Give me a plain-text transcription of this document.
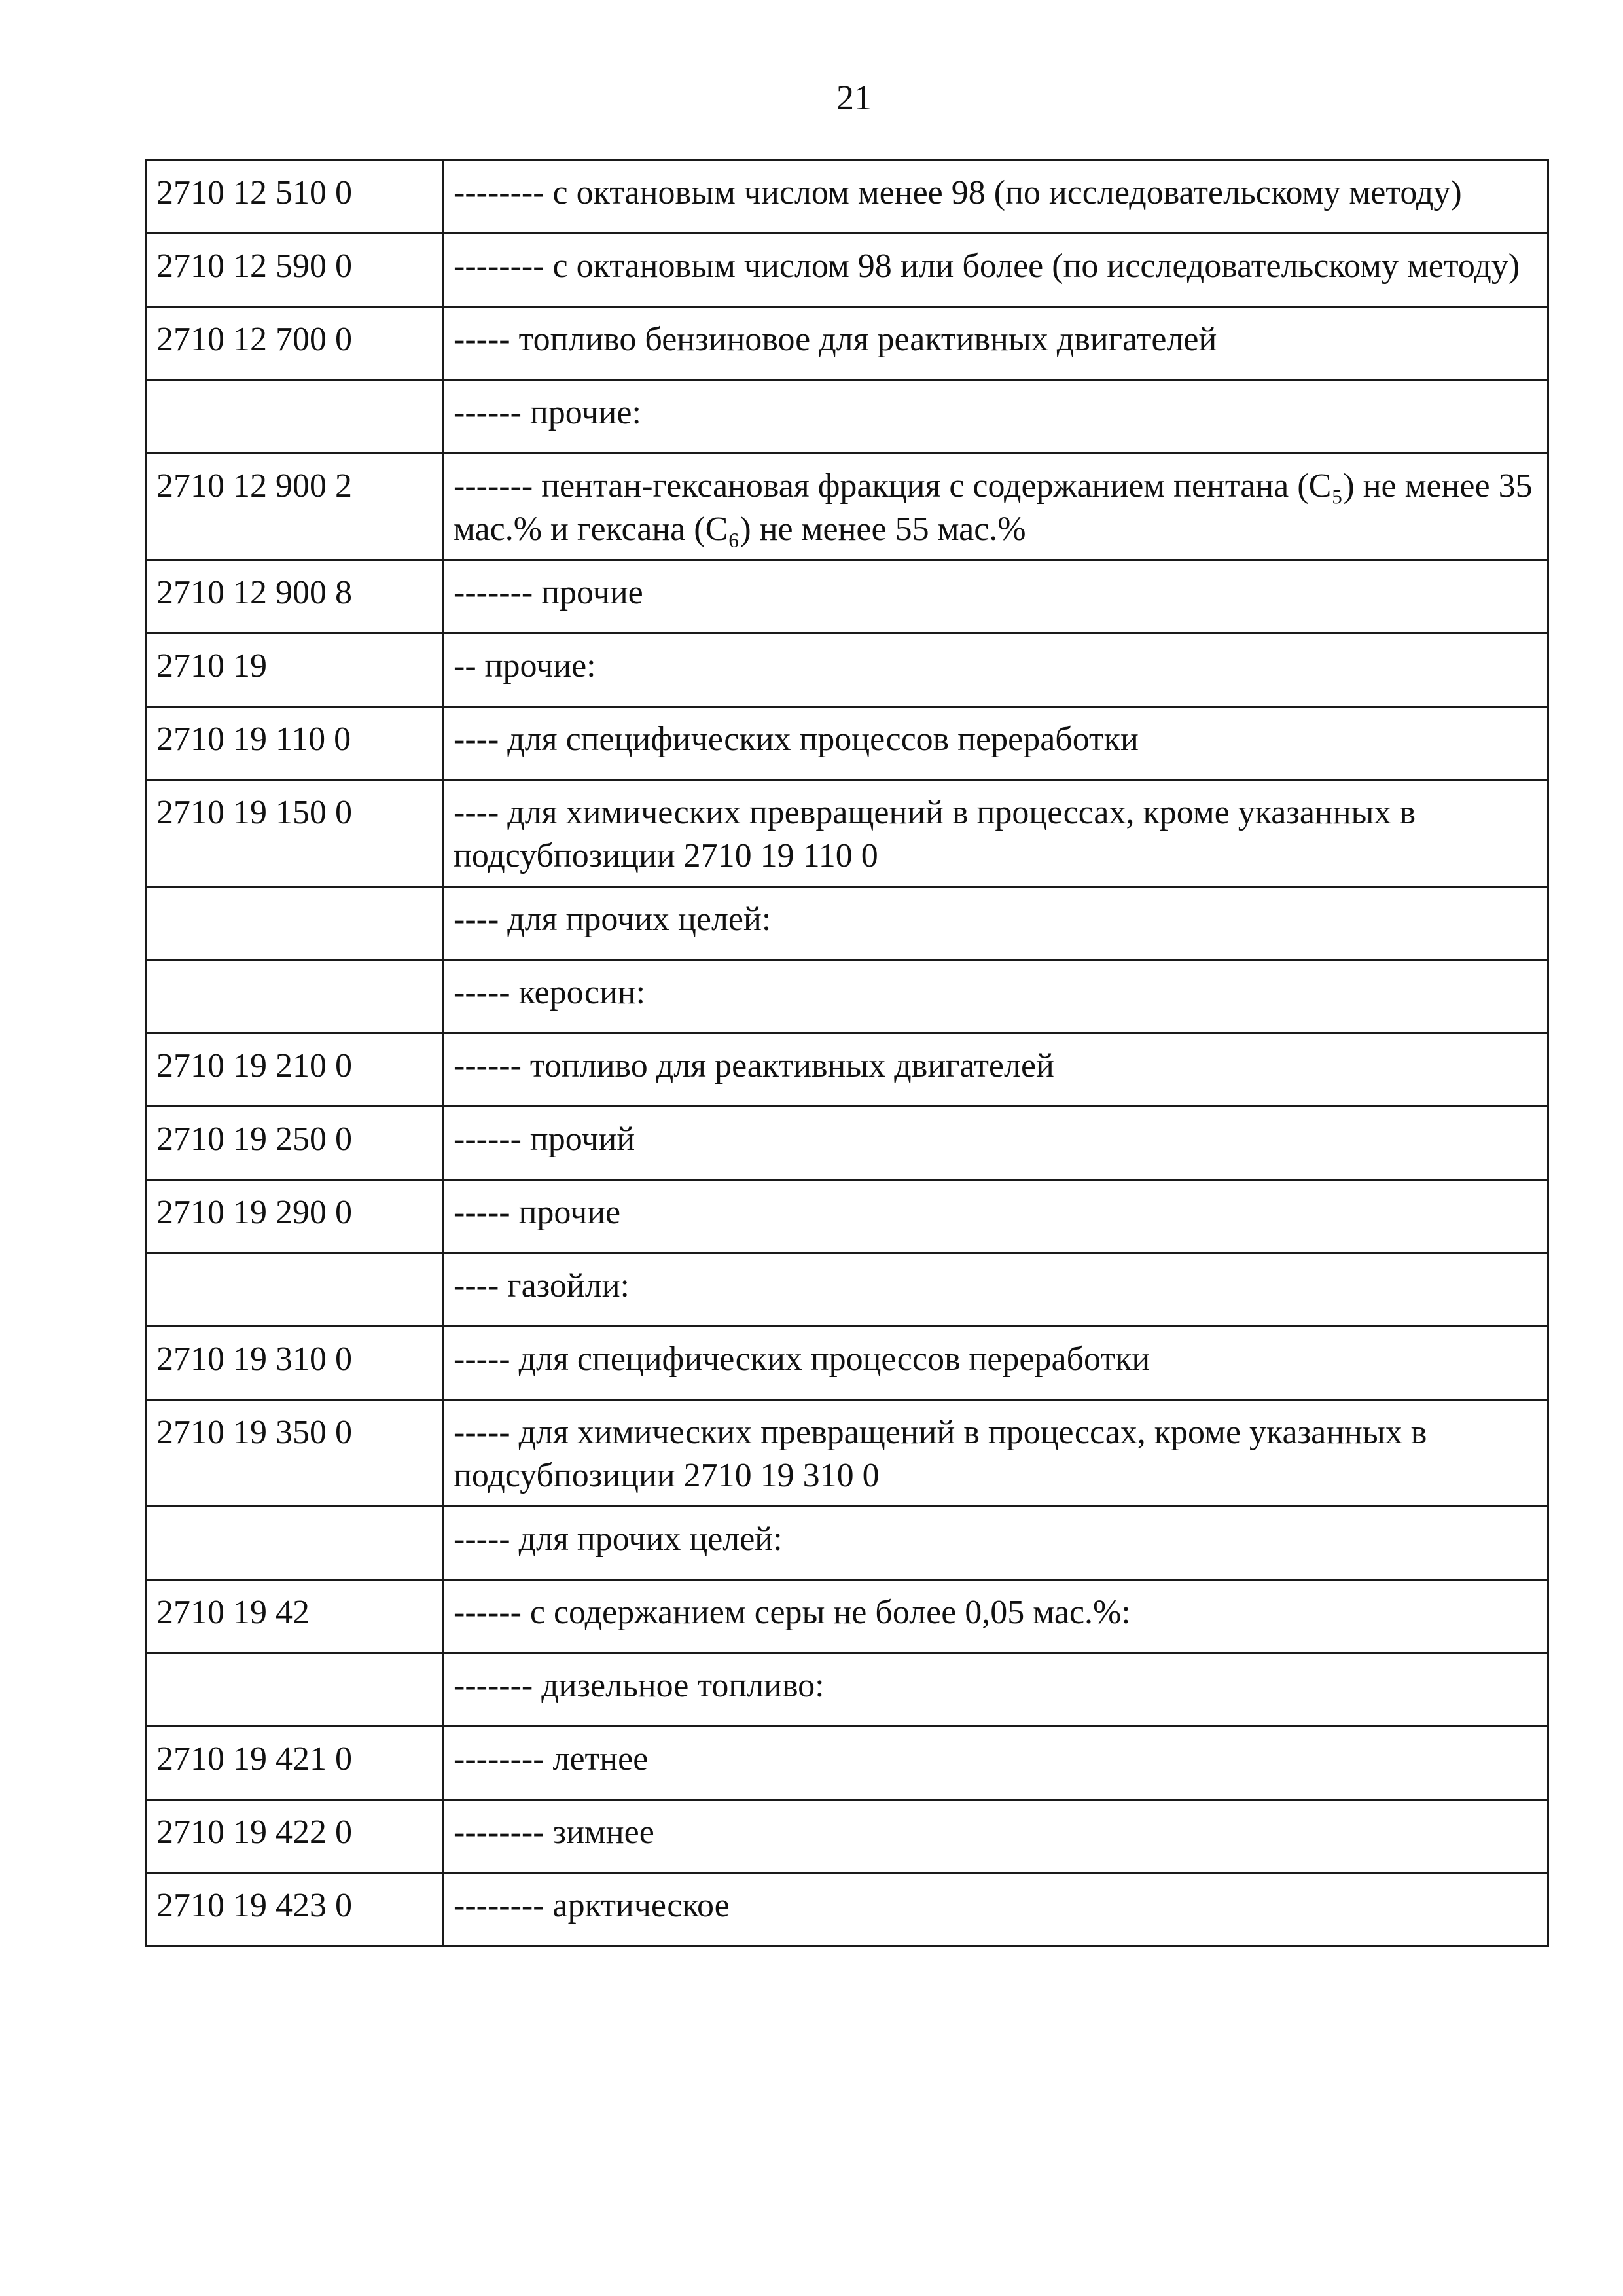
21
2710 12 510 0	-------- с октановым числом менее 98 (по исследовательскому методу)
2710 12 590 0	-------- с октановым числом 98 или более (по исследовательскому методу)
2710 12 700 0	----- топливо бензиновое для реактивных двигателей
	------ прочие:
2710 12 900 2	------- пентан-гексановая фракция с содержанием пентана (C₅) не менее 35 мас.% и гексана (C₆) не менее 55 мас.%
2710 12 900 8	------- прочие
2710 19	-- прочие:
2710 19 110 0	---- для специфических процессов переработки
2710 19 150 0	---- для химических превращений в процессах, кроме указанных в подсубпозиции 2710 19 110 0
	---- для прочих целей:
	----- керосин:
2710 19 210 0	------ топливо для реактивных двигателей
2710 19 250 0	------ прочий
2710 19 290 0	----- прочие
	---- газойли:
2710 19 310 0	----- для специфических процессов переработки
2710 19 350 0	----- для химических превращений в процессах, кроме указанных в подсубпозиции 2710 19 310 0
	----- для прочих целей:
2710 19 42	------ с содержанием серы не более 0,05 мас.%:
	------- дизельное топливо:
2710 19 421 0	-------- летнее
2710 19 422 0	-------- зимнее
2710 19 423 0	-------- арктическое
